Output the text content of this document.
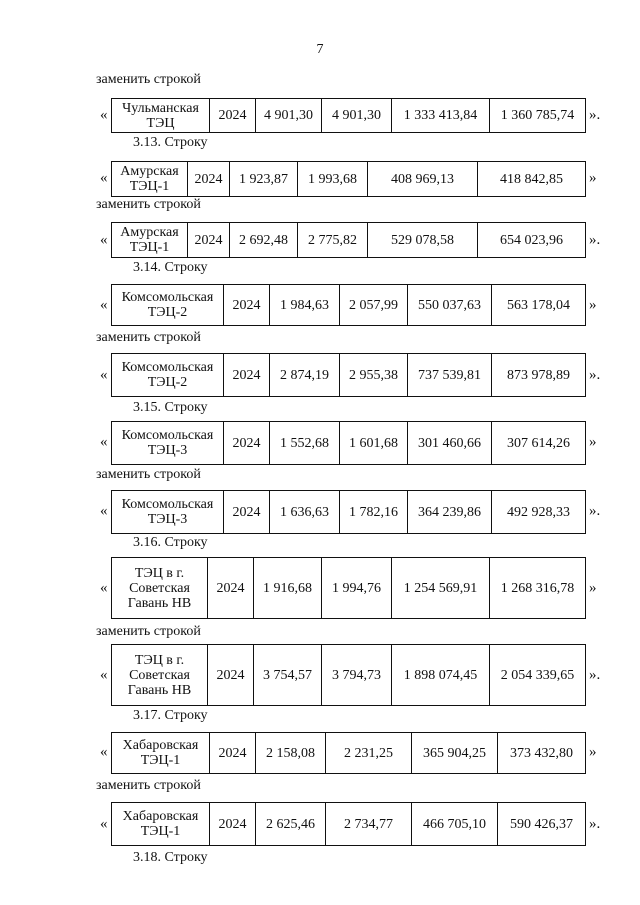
7
заменить строкой
3.13. Строку
заменить строкой
3.14. Строку
заменить строкой
3.15. Строку
заменить строкой
3.16. Строку
заменить строкой
3.17. Строку
заменить строкой
3.18. Строку
« Чульманская ТЭЦ	2024	4 901,30	4 901,30	1 333 413,84	1 360 785,74 ».
« Амурская ТЭЦ-1	2024	1 923,87	1 993,68	408 969,13	418 842,85 »
« Амурская ТЭЦ-1	2024	2 692,48	2 775,82	529 078,58	654 023,96 ».
« Комсомольская ТЭЦ-2	2024	1 984,63	2 057,99	550 037,63	563 178,04 »
« Комсомольская ТЭЦ-2	2024	2 874,19	2 955,38	737 539,81	873 978,89 ».
« Комсомольская ТЭЦ-3	2024	1 552,68	1 601,68	301 460,66	307 614,26 »
« Комсомольская ТЭЦ-3	2024	1 636,63	1 782,16	364 239,86	492 928,33 ».
«
ТЭЦ в г. Советская Гавань НВ	2024	1 916,68	1 994,76	1 254 569,91	1 268 316,78 »
«
ТЭЦ в г. Советская Гавань НВ	2024	3 754,57	3 794,73	1 898 074,45	2 054 339,65 ».
« Хабаровская ТЭЦ-1	2024	2 158,08	2 231,25	365 904,25	373 432,80 »
« Хабаровская ТЭЦ-1	2024	2 625,46	2 734,77	466 705,10	590 426,37 ».
